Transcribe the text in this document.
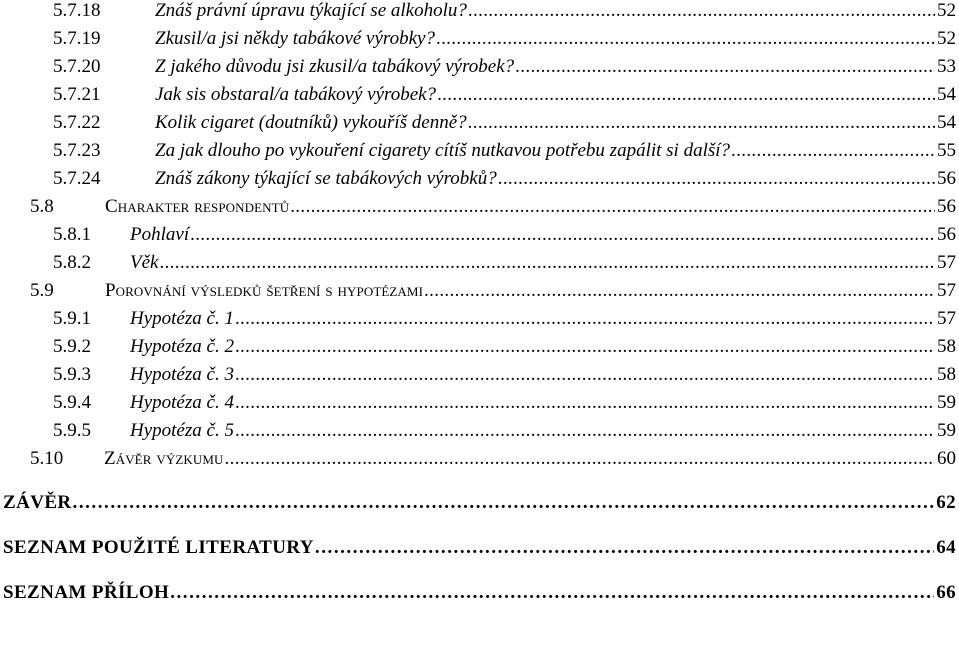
5.7.18	Znáš právní úpravu týkající se alkoholu? . . .	52
5.7.19	Zkusil/a jsi někdy tabákové výrobky? . . .	52
5.7.20	Z jakého důvodu jsi zkusil/a tabákový výrobek? . . .	53
5.7.21	Jak sis obstaral/a tabákový výrobek? . . .	54
5.7.22	Kolik cigaret (doutníků) vykouříš denně? . . .	54
5.7.23	Za jak dlouho po vykouření cigarety cítíš nutkavou potřebu zapálit si další? . . .	55
5.7.24	Znáš zákony týkající se tabákových výrobků? . . .	56
5.8	Charakter respondentů . . .	56
5.8.1	Pohlaví . . .	56
5.8.2	Věk . . .	57
5.9	Porovnání výsledků šetření s hypotézami . . .	57
5.9.1	Hypotéza č. 1 . . .	57
5.9.2	Hypotéza č. 2 . . .	58
5.9.3	Hypotéza č. 3 . . .	58
5.9.4	Hypotéza č. 4 . . .	59
5.9.5	Hypotéza č. 5 . . .	59
5.10	Závěr výzkumu . . .	60
ZÁVĚR . . .	62
SEZNAM POUŽITÉ LITERATURY . . .	64
SEZNAM PŘÍLOH . . .	66
